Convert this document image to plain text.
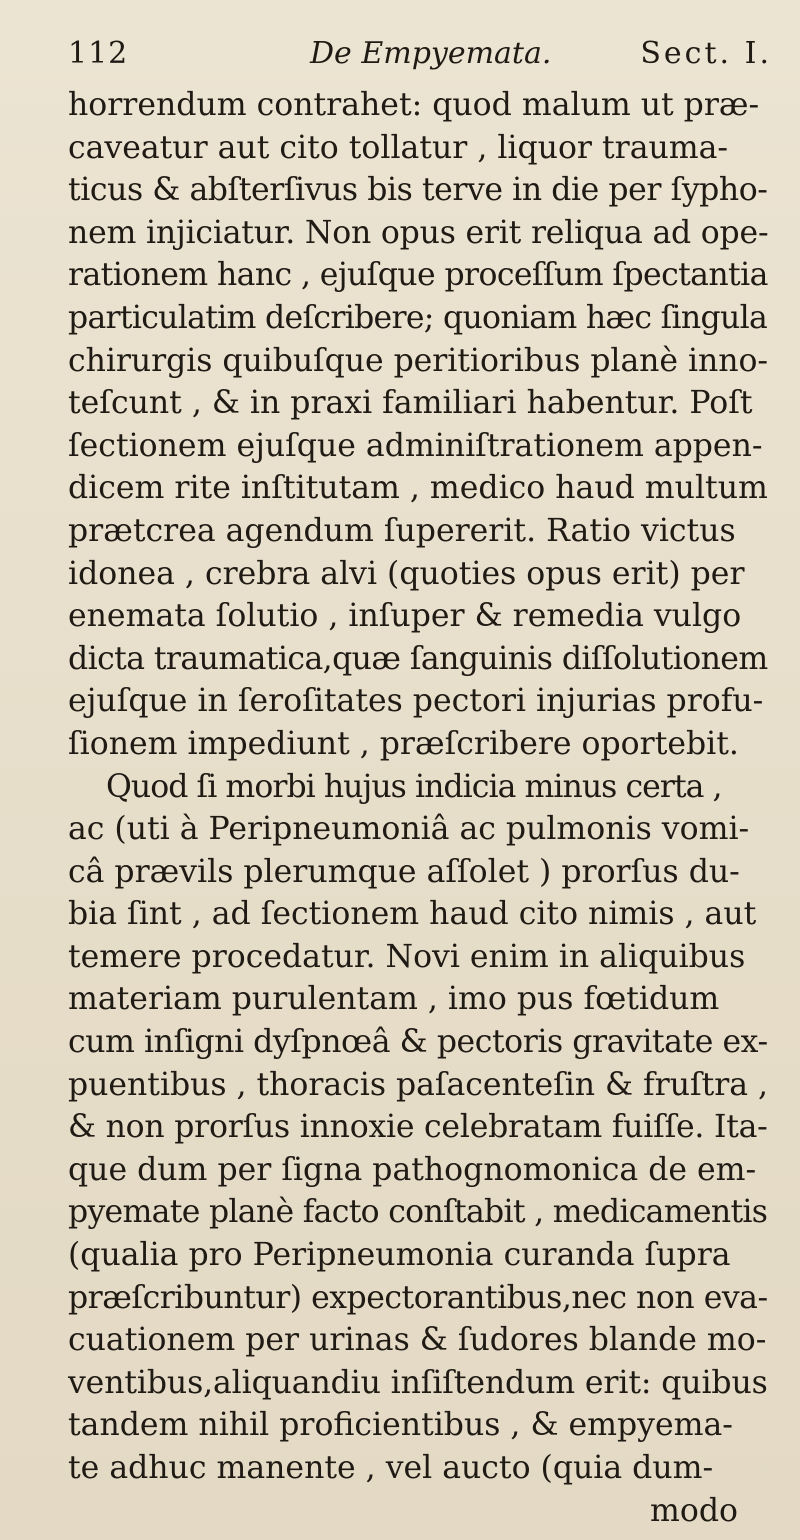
112	De Empyemata.	Sect. I.
horrendum contrahet: quod malum ut præ-
caveatur aut cito tollatur , liquor trauma-
ticus & abſterſivus bis terve in die per ſypho-
nem injiciatur. Non opus erit reliqua ad ope-
rationem hanc , ejuſque proceſſum ſpectantia
particulatim deſcribere; quoniam hæc ſingula
chirurgis quibuſque peritioribus planè inno-
teſcunt , & in praxi familiari habentur. Poſt
ſectionem ejuſque adminiſtrationem appen-
dicem rite inſtitutam , medico haud multum
prætcrea agendum ſupererit. Ratio victus
idonea , crebra alvi (quoties opus erit) per
enemata ſolutio , inſuper & remedia vulgo
dicta traumatica,quæ ſanguinis diſſolutionem
ejuſque in ſeroſitates pectori injurias profu-
ſionem impediunt , præſcribere oportebit.
Quod ſi morbi hujus indicia minus certa ,
ac (uti à Peripneumoniâ ac pulmonis vomi-
câ prævils plerumque aſſolet ) prorſus du-
bia ſint , ad ſectionem haud cito nimis , aut
temere procedatur. Novi enim in aliquibus
materiam purulentam , imo pus fœtidum
cum inſigni dyſpnœâ & pectoris gravitate ex-
puentibus , thoracis paſacenteſin & fruſtra ,
& non prorſus innoxie celebratam fuiſſe. Ita-
que dum per ſigna pathognomonica de em-
pyemate planè facto conſtabit , medicamentis
(qualia pro Peripneumonia curanda ſupra
præſcribuntur) expectorantibus,nec non eva-
cuationem per urinas & ſudores blande mo-
ventibus,aliquandiu inſiſtendum erit: quibus
tandem nihil proficientibus , & empyema-
te adhuc manente , vel aucto (quia dum-
modo
